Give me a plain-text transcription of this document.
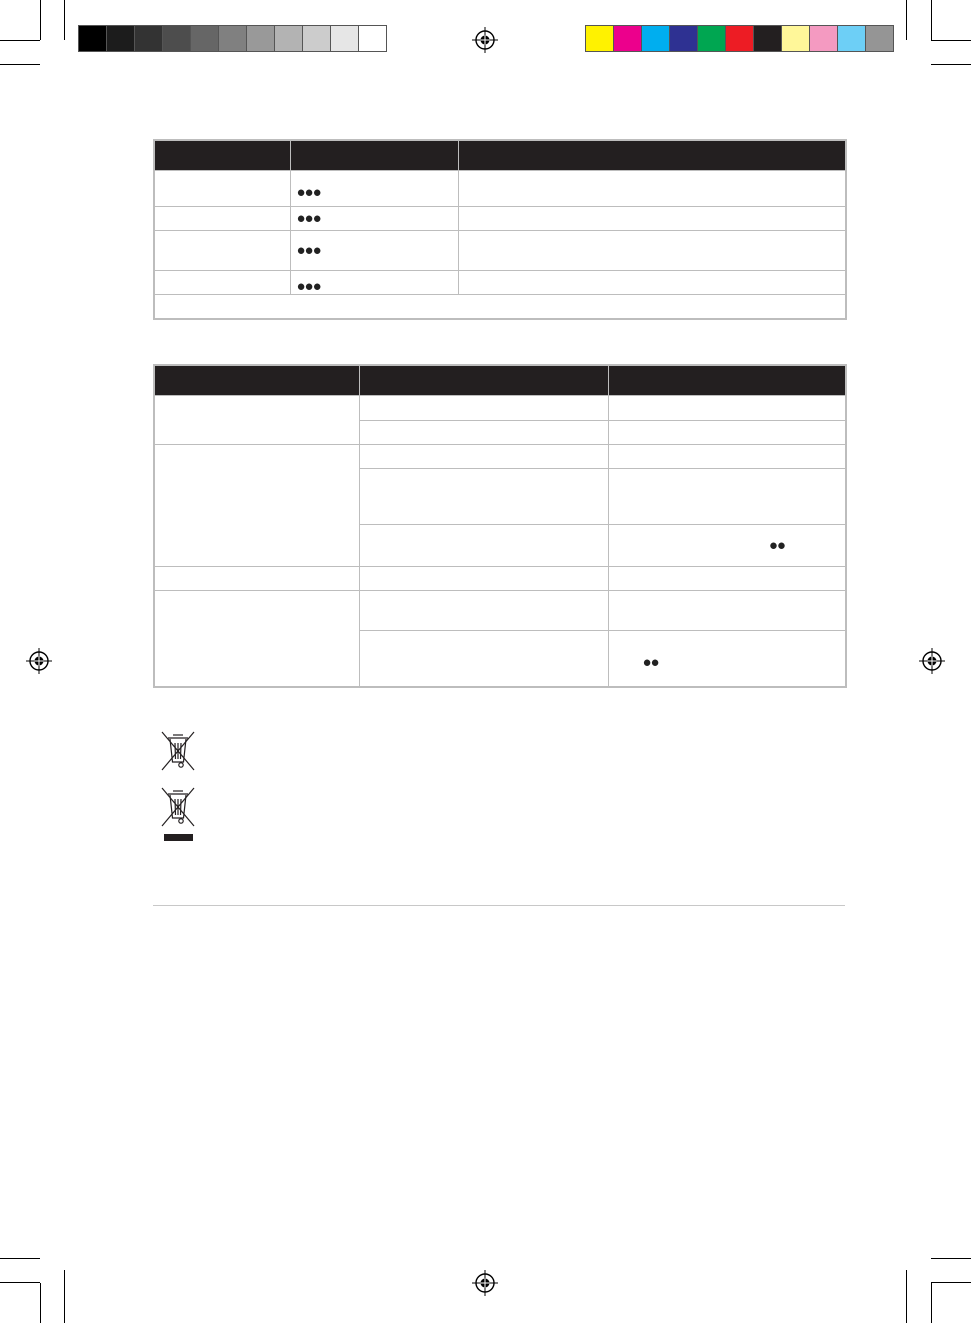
	●●●	
	●●●	
	●●●	
	●●●	

		●●

		●●
